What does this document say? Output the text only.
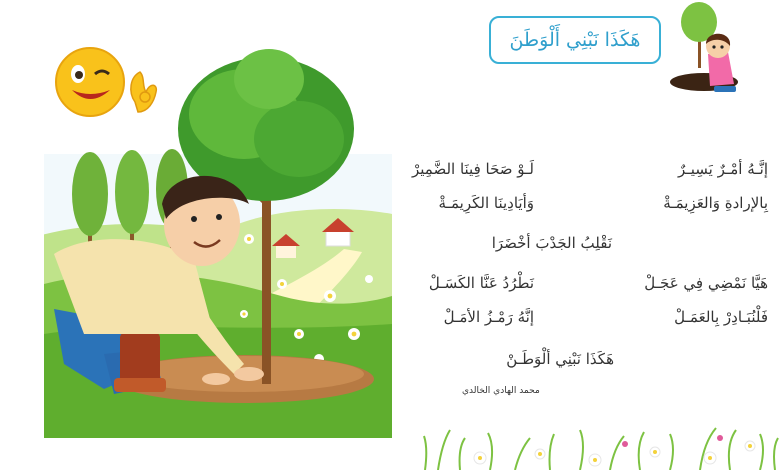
هَكَذَا نَبْنِي أَلْوَطَنَ
إنَّـهُ أمْـرٌ يَسِيـرٌ
لَـوْ صَحَا فِينَا الضَّمِيرْ
بِالإرادةِ وَالعَزِيمَـةْ
وَأيَادِينَا الكَرِيمَـةْ
نَقْلِبُ الجَدْبَ أخْضَرَا
هَيَّا نَمْضِي فِي عَجَـلْ
نَطْرُدُ عَنَّا الكَسَـلْ
فَلْنُبَـادِرْ بِالعَمَـلْ
إنَّهُ رَمْـزُ الأمَـلْ
هَكَذَا نَبْنِي ألْوَطَـنْ
محمد الهادي الخالدي
